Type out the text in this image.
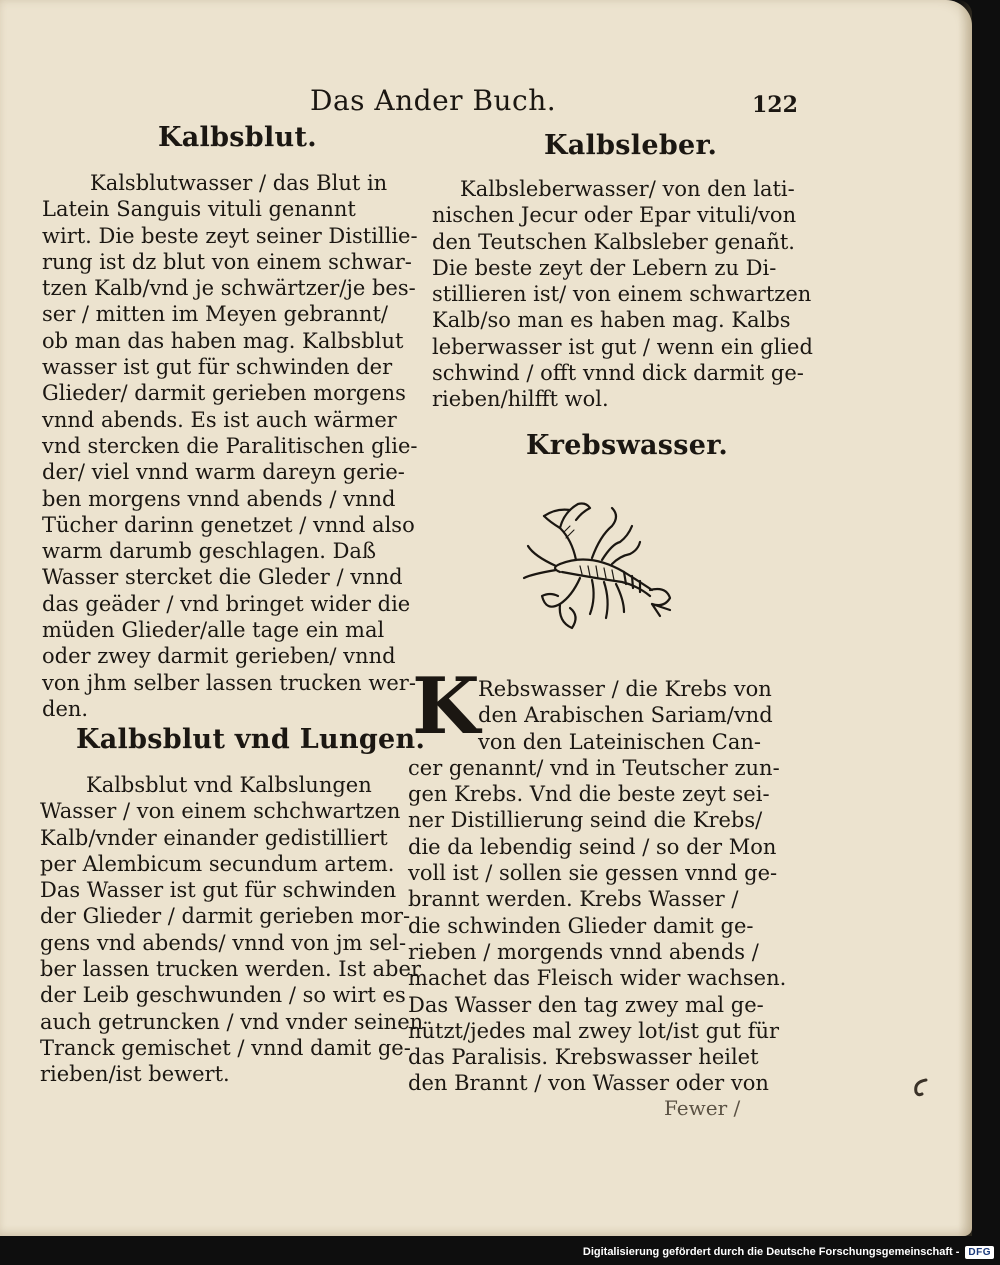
Das Ander Buch.	122
Kalbsblut.
Kalsblutwasser / das Blut in
Latein Sanguis vituli genannt
wirt. Die beste zeyt seiner Distillie-
rung ist dz blut von einem schwar-
tzen Kalb/vnd je schwärtzer/je bes-
ser / mitten im Meyen gebrannt/
ob man das haben mag. Kalbsblut
wasser ist gut für schwinden der
Glieder/ darmit gerieben morgens
vnnd abends. Es ist auch wärmer
vnd stercken die Paralitischen glie-
der/ viel vnnd warm dareyn gerie-
ben morgens vnnd abends / vnnd
Tücher darinn genetzet / vnnd also
warm darumb geschlagen. Daß
Wasser stercket die Gleder / vnnd
das geäder / vnd bringet wider die
müden Glieder/alle tage ein mal
oder zwey darmit gerieben/ vnnd
von jhm selber lassen trucken wer-
den.
Kalbsblut vnd Lungen.
Kalbsblut vnd Kalbslungen
Wasser / von einem schchwartzen
Kalb/vnder einander gedistilliert
per Alembicum secundum artem.
Das Wasser ist gut für schwinden
der Glieder / darmit gerieben mor-
gens vnd abends/ vnnd von jm sel-
ber lassen trucken werden. Ist aber
der Leib geschwunden / so wirt es
auch getruncken / vnd vnder seinen
Tranck gemischet / vnnd damit ge-
rieben/ist bewert.
Kalbsleber.
Kalbsleberwasser/ von den lati-
nischen Jecur oder Epar vituli/von
den Teutschen Kalbsleber genañt.
Die beste zeyt der Lebern zu Di-
stillieren ist/ von einem schwartzen
Kalb/so man es haben mag. Kalbs
leberwasser ist gut / wenn ein glied
schwind / offt vnnd dick darmit ge-
rieben/hilfft wol.
Krebswasser.
K
Rebswasser / die Krebs von
den Arabischen Sariam/vnd
von den Lateinischen Can-
cer genannt/ vnd in Teutscher zun-
gen Krebs. Vnd die beste zeyt sei-
ner Distillierung seind die Krebs/
die da lebendig seind / so der Mon
voll ist / sollen sie gessen vnnd ge-
brannt werden. Krebs Wasser /
die schwinden Glieder damit ge-
rieben / morgends vnnd abends /
machet das Fleisch wider wachsen.
Das Wasser den tag zwey mal ge-
nützt/jedes mal zwey lot/ist gut für
das Paralisis. Krebswasser heilet
den Brannt / von Wasser oder von
Fewer /
Digitalisierung gefördert durch die Deutsche Forschungsgemeinschaft - DFG
